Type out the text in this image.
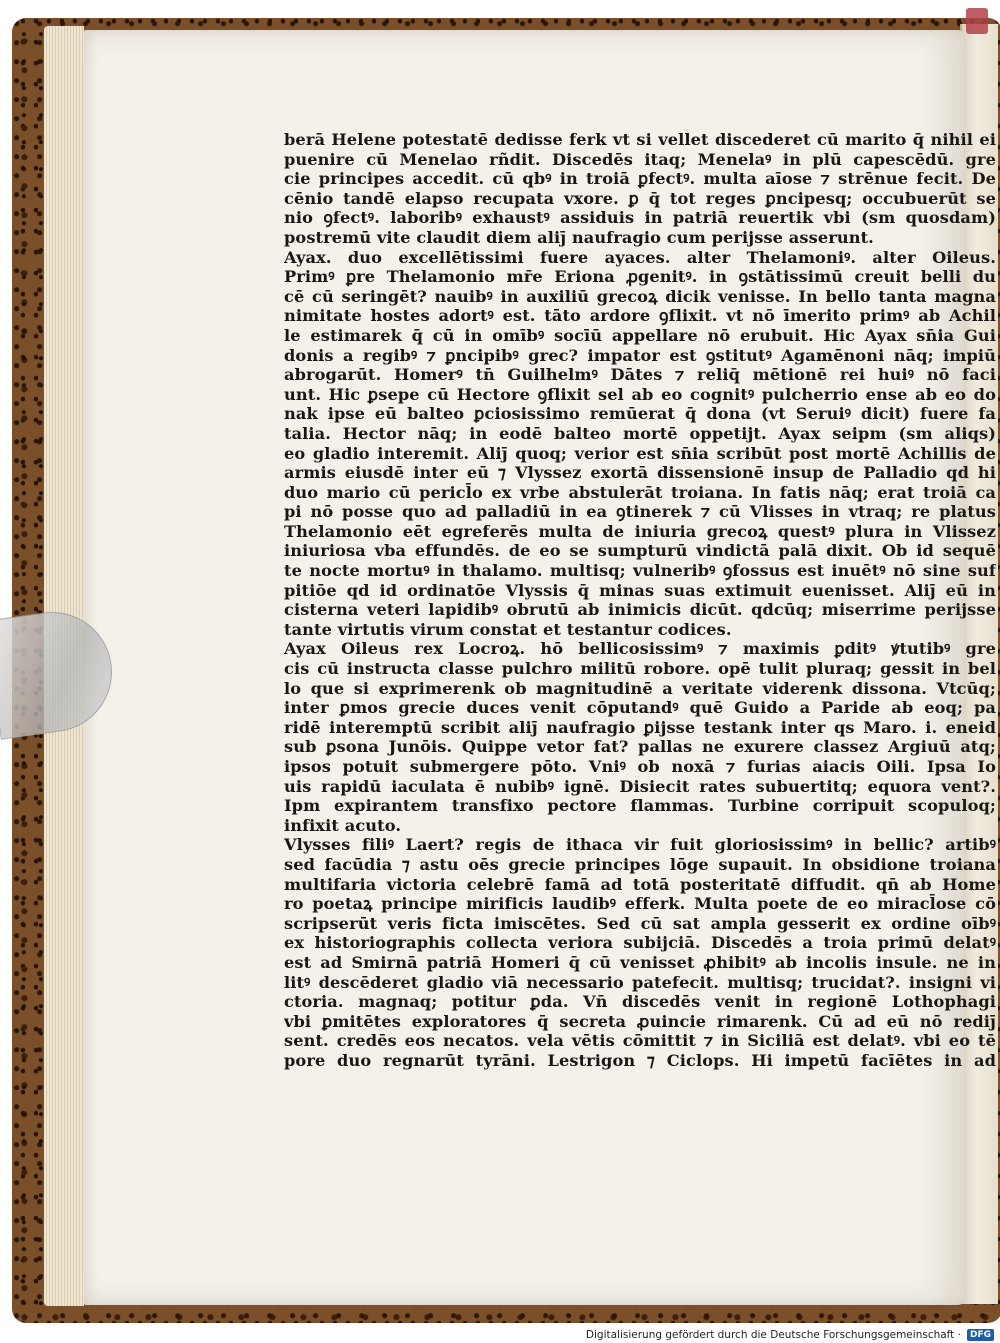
berā Helene potestatē dedisse ferk vt si vellet discederet cū marito q̄ nihil ei
puenire cū Menelao rñdit. Discedēs itaq; Menelaꝰ in plū capescēdū. gre
cie principes accedit. cū qbꝰ in troiā ꝑfectꝰ. multa aīose ⁊ strēnue fecit. De
cēnio tandē elapso recupata vxore. ꝑ q̄ tot reges ꝑncipesq; occubuerūt se
nio ꝯfectꝰ. laboribꝰ exhaustꝰ assiduis in patriā reuertik vbi (sm quosdam)
postremū vite claudit diem aliȷ̄ naufragio cum perijsse asserunt.
Ayax. duo excellētissimi fuere ayaces. alter Thelamoniꝰ. alter Oileus.
Primꝰ ꝑre Thelamonio mr̄e Eriona ꝓgenitꝰ. in ꝯstātissimū creuit belli du
cē cū seringēt? nauibꝰ in auxiliū grecoꝝ dicik venisse. In bello tanta magna
nimitate hostes adortꝰ est. tāto ardore ꝯflixit. vt nō īmerito primꝰ ab Achil
le estimarek q̄ cū in omībꝰ socīū appellare nō erubuit. Hic Ayax sn̄ia Gui
donis a regibꝰ ⁊ ꝑncipibꝰ grec? impator est ꝯstitutꝰ Agamēnoni nāq; impiū
abrogarūt. Homerꝰ tn̄ Guilhelmꝰ Dātes ⁊ reliq̄ mētionē rei huiꝰ nō faci
unt. Hic ꝑsepe cū Hectore ꝯflixit sel ab eo cognitꝰ pulcherrio ense ab eo do
nak ipse eū balteo ꝑciosissimo remūerat q̄ dona (vt Seruiꝰ dicit) fuere fa
talia. Hector nāq; in eodē balteo mortē oppetijt. Ayax seipm (sm aliqs)
eo gladio interemit. Aliȷ̄ quoq; verior est sn̄ia scribūt post mortē Achillis de
armis eiusdē inter eū ⁊ Vlyssez exortā dissensionē insup de Palladio qd hi
duo mario cū pericl̄o ex vrbe abstulerāt troiana. In fatis nāq; erat troiā ca
pi nō posse quo ad palladiū in ea ꝯtinerek ⁊ cū Vlisses in vtraq; re platus
Thelamonio eēt egreferēs multa de iniuria grecoꝝ questꝰ plura in Vlissez
iniuriosa vba effundēs. de eo se sumpturū vindictā palā dixit. Ob id sequē
te nocte mortuꝰ in thalamo. multisq; vulneribꝰ ꝯfossus est inuētꝰ nō sine suf
pitiōe qd id ordinatōe Vlyssis q̄ minas suas extimuit euenisset. Aliȷ̄ eū in
cisterna veteri lapidibꝰ obrutū ab inimicis dicūt. qdcūq; miserrime perijsse
tante virtutis virum constat et testantur codices.
Ayax Oileus rex Locroꝝ. hō bellicosissimꝰ ⁊ maximis ꝑditꝰ ꝟtutibꝰ gre
cis cū instructa classe pulchro militū robore. opē tulit pluraq; gessit in bel
lo que si exprimerenk ob magnitudinē a veritate viderenk dissona. Vtcūq;
inter ꝑmos grecie duces venit cōputandꝰ quē Guido a Paride ab eoq; pa
ridē interemptū scribit aliȷ̄ naufragio ꝑijsse testank inter qs Maro. i. eneid
sub ꝑsona Junōis. Quippe vetor fat? pallas ne exurere classez Argiuū atq;
ipsos potuit submergere pōto. Vniꝰ ob noxā ⁊ furias aiacis Oili. Ipsa Io
uis rapidū iaculata ē nubibꝰ ignē. Disiecit rates subuertitq; equora vent?.
Ipm expirantem transfixo pectore flammas. Turbine corripuit scopuloq;
infixit acuto.
Vlysses filiꝰ Laert? regis de ithaca vir fuit gloriosissimꝰ in bellic? artibꝰ
sed facūdia ⁊ astu oēs grecie principes lōge supauit. In obsidione troiana
multifaria victoria celebrē famā ad totā posteritatē diffudit. qn̄ ab Home
ro poetaꝝ principe mirificis laudibꝰ efferk. Multa poete de eo miracl̄ose cō
scripserūt veris ficta imiscētes. Sed cū sat ampla gesserit ex ordine oībꝰ
ex historiographis collecta veriora subijciā. Discedēs a troia primū delatꝰ
est ad Smirnā patriā Homeri q̄ cū venisset ꝓhibitꝰ ab incolis insule. ne in
litꝰ descēderet gladio viā necessario patefecit. multisq; trucidat?. insigni vi
ctoria. magnaq; potitur ꝑda. Vn̄ discedēs venit in regionē Lothophagi
vbi ꝑmitētes exploratores q̄ secreta ꝓuincie rimarenk. Cū ad eū nō rediȷ̄
sent. credēs eos necatos. vela vētis cōmittit ⁊ in Siciliā est delatꝰ. vbi eo tē
pore duo regnarūt tyrāni. Lestrigon ⁊ Ciclops. Hi impetū facīētes in ad
Digitalisierung gefördert durch die Deutsche Forschungsgemeinschaft ·	DFG
